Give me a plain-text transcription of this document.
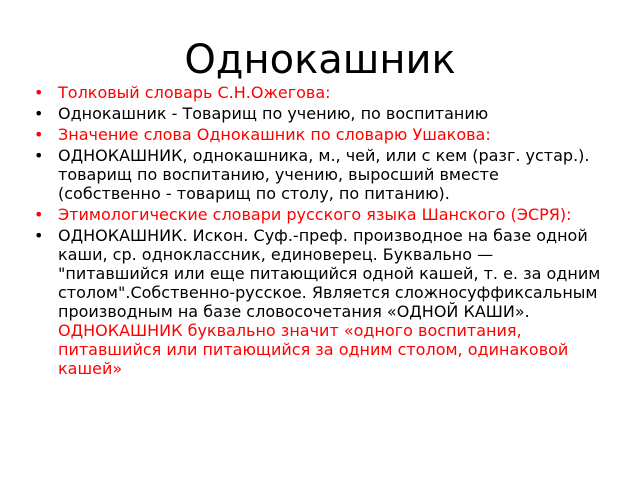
Однокашник
• Толковый словарь С.Н.Ожегова:
• Однокашник - Товарищ по учению, по воспитанию
• Значение слова Однокашник по словарю Ушакова:
• ОДНОКАШНИК, однокашника, м., чей, или с кем (разг. устар.). товарищ по воспитанию, учению, выросший вместе (собственно - товарищ по столу, по питанию).
• Этимологические словари русского языка Шанского (ЭСРЯ):
• ОДНОКАШНИК. Искон. Суф.-преф. производное на базе одной каши, ср. одноклассник, единоверец. Буквально — "питавшийся или еще питающийся одной кашей, т. е. за одним столом".Собственно-русское. Является сложносуффиксальным производным на базе словосочетания «ОДНОЙ КАШИ». ОДНОКАШНИК буквально значит «одного воспитания, питавшийся или питающийся за одним столом, одинаковой кашей»
